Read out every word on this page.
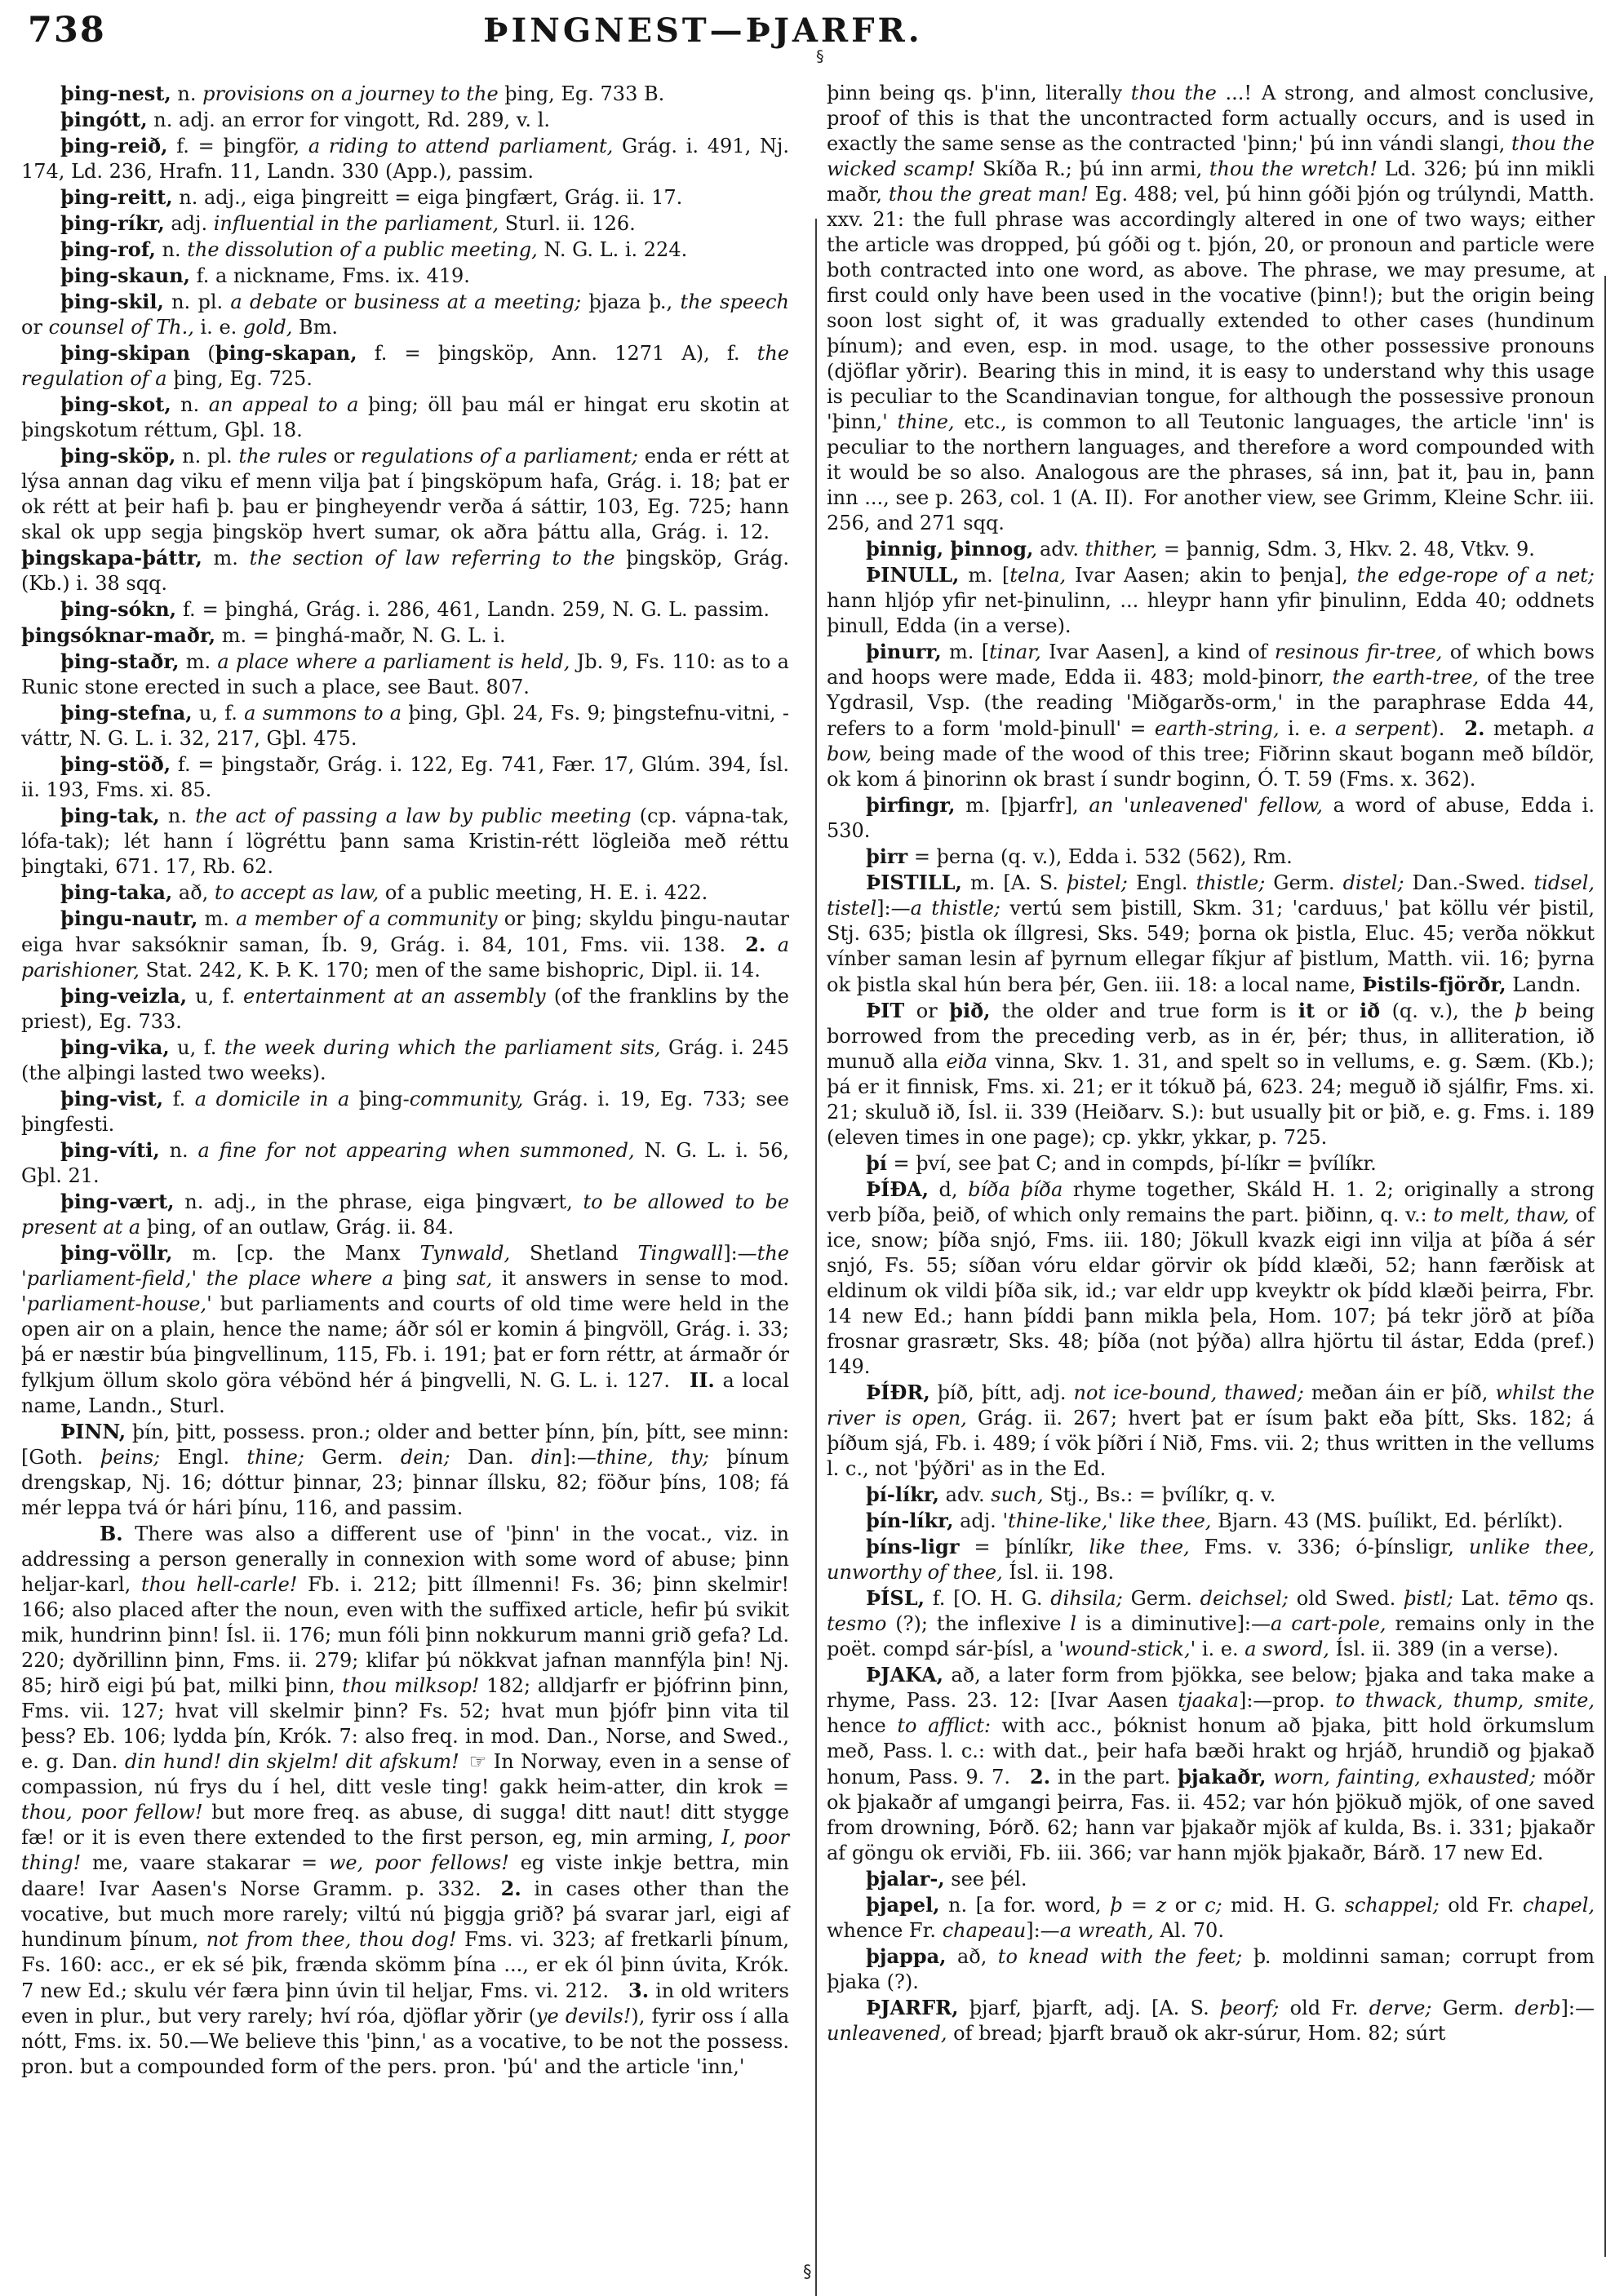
738	ÞINGNEST—ÞJARFR.
§

þing-nest, n. provisions on a journey to the þing, Eg. 733 B.

þingótt, n. adj. an error for vingott, Rd. 289, v. l.

þing-reið, f. = þingför, a riding to attend parliament, Grág. i. 491, Nj. 174, Ld. 236, Hrafn. 11, Landn. 330 (App.), passim.

þing-reitt, n. adj., eiga þingreitt = eiga þingfært, Grág. ii. 17.

þing-ríkr, adj. influential in the parliament, Sturl. ii. 126.

þing-rof, n. the dissolution of a public meeting, N. G. L. i. 224.

þing-skaun, f. a nickname, Fms. ix. 419.

þing-skil, n. pl. a debate or business at a meeting; þjaza þ., the speech or counsel of Th., i. e. gold, Bm.

þing-skipan (þing-skapan, f. = þingsköp, Ann. 1271 A), f. the regulation of a þing, Eg. 725.

þing-skot, n. an appeal to a þing; öll þau mál er hingat eru skotin at þingskotum réttum, Gþl. 18.

þing-sköp, n. pl. the rules or regulations of a parliament; enda er rétt at lýsa annan dag viku ef menn vilja þat í þingsköpum hafa, Grág. i. 18; þat er ok rétt at þeir hafi þ. þau er þingheyendr verða á sáttir, 103, Eg. 725; hann skal ok upp segja þingsköp hvert sumar, ok aðra þáttu alla, Grág. i. 12.  þingskapa-þáttr, m. the section of law referring to the þingsköp, Grág. (Kb.) i. 38 sqq.

þing-sókn, f. = þinghá, Grág. i. 286, 461, Landn. 259, N. G. L. passim.  þingsóknar-maðr, m. = þinghá-maðr, N. G. L. i.

þing-staðr, m. a place where a parliament is held, Jb. 9, Fs. 110: as to a Runic stone erected in such a place, see Baut. 807.

þing-stefna, u, f. a summons to a þing, Gþl. 24, Fs. 9; þingstefnu-vitni, -váttr, N. G. L. i. 32, 217, Gþl. 475.

þing-stöð, f. = þingstaðr, Grág. i. 122, Eg. 741, Fær. 17, Glúm. 394, Ísl. ii. 193, Fms. xi. 85.

þing-tak, n. the act of passing a law by public meeting (cp. vápna-tak, lófa-tak); lét hann í lögréttu þann sama Kristin-rétt lögleiða með réttu þingtaki, 671. 17, Rb. 62.

þing-taka, að, to accept as law, of a public meeting, H. E. i. 422.

þingu-nautr, m. a member of a community or þing; skyldu þingu-nautar eiga hvar saksóknir saman, Íb. 9, Grág. i. 84, 101, Fms. vii. 138.  2. a parishioner, Stat. 242, K. Þ. K. 170; men of the same bishopric, Dipl. ii. 14.

þing-veizla, u, f. entertainment at an assembly (of the franklins by the priest), Eg. 733.

þing-vika, u, f. the week during which the parliament sits, Grág. i. 245 (the alþingi lasted two weeks).

þing-vist, f. a domicile in a þing-community, Grág. i. 19, Eg. 733; see þingfesti.

þing-víti, n. a fine for not appearing when summoned, N. G. L. i. 56, Gþl. 21.

þing-vært, n. adj., in the phrase, eiga þingvært, to be allowed to be present at a þing, of an outlaw, Grág. ii. 84.

þing-völlr, m. [cp. the Manx Tynwald, Shetland Tingwall]:—the 'parliament-field,' the place where a þing sat, it answers in sense to mod. 'parliament-house,' but parliaments and courts of old time were held in the open air on a plain, hence the name; áðr sól er komin á þingvöll, Grág. i. 33; þá er næstir búa þingvellinum, 115, Fb. i. 191; þat er forn réttr, at ármaðr ór fylkjum öllum skolo göra vébönd hér á þingvelli, N. G. L. i. 127.  II. a local name, Landn., Sturl.

ÞINN, þín, þitt, possess. pron.; older and better þínn, þín, þítt, see minn: [Goth. þeins; Engl. thine; Germ. dein; Dan. din]:—thine, thy; þínum drengskap, Nj. 16; dóttur þinnar, 23; þinnar íllsku, 82; föður þíns, 108; fá mér leppa tvá ór hári þínu, 116, and passim.

B. There was also a different use of 'þinn' in the vocat., viz. in addressing a person generally in connexion with some word of abuse; þinn heljar-karl, thou hell-carle! Fb. i. 212; þitt íllmenni! Fs. 36; þinn skelmir! 166; also placed after the noun, even with the suffixed article, hefir þú svikit mik, hundrinn þinn! Ísl. ii. 176; mun fóli þinn nokkurum manni grið gefa? Ld. 220; dyðrillinn þinn, Fms. ii. 279; klifar þú nökkvat jafnan mannfýla þin! Nj. 85; hirð eigi þú þat, milki þinn, thou milksop! 182; alldjarfr er þjófrinn þinn, Fms. vii. 127; hvat vill skelmir þinn? Fs. 52; hvat mun þjófr þinn vita til þess? Eb. 106; lydda þín, Krók. 7: also freq. in mod. Dan., Norse, and Swed., e. g. Dan. din hund! din skjelm! dit afskum!  ☞ In Norway, even in a sense of compassion, nú frys du í hel, ditt vesle ting! gakk heim-atter, din krok = thou, poor fellow! but more freq. as abuse, di sugga! ditt naut! ditt stygge fæ! or it is even there extended to the first person, eg, min arming, I, poor thing! me, vaare stakarar = we, poor fellows! eg viste inkje bettra, min daare! Ivar Aasen's Norse Gramm. p. 332.  2. in cases other than the vocative, but much more rarely; viltú nú þiggja grið? þá svarar jarl, eigi af hundinum þínum, not from thee, thou dog! Fms. vi. 323; af fretkarli þínum, Fs. 160: acc., er ek sé þik, frænda skömm þína ..., er ek ól þinn úvita, Krók. 7 new Ed.; skulu vér færa þinn úvin til heljar, Fms. vi. 212.  3. in old writers even in plur., but very rarely; hví róa, djöflar yðrir (ye devils!), fyrir oss í alla nótt, Fms. ix. 50.—We believe this 'þinn,' as a vocative, to be not the possess. pron. but a compounded form of the pers. pron. 'þú' and the article 'inn,'

þinn being qs. þ'inn, literally thou the ...! A strong, and almost conclusive, proof of this is that the uncontracted form actually occurs, and is used in exactly the same sense as the contracted 'þinn;' þú inn vándi slangi, thou the wicked scamp! Skíða R.; þú inn armi, thou the wretch! Ld. 326; þú inn mikli maðr, thou the great man! Eg. 488; vel, þú hinn góði þjón og trúlyndi, Matth. xxv. 21: the full phrase was accordingly altered in one of two ways; either the article was dropped, þú góði og t. þjón, 20, or pronoun and particle were both contracted into one word, as above. The phrase, we may presume, at first could only have been used in the vocative (þinn!); but the origin being soon lost sight of, it was gradually extended to other cases (hundinum þínum); and even, esp. in mod. usage, to the other possessive pronouns (djöflar yðrir). Bearing this in mind, it is easy to understand why this usage is peculiar to the Scandinavian tongue, for although the possessive pronoun 'þinn,' thine, etc., is common to all Teutonic languages, the article 'inn' is peculiar to the northern languages, and therefore a word compounded with it would be so also. Analogous are the phrases, sá inn, þat it, þau in, þann inn ..., see p. 263, col. 1 (A. II). For another view, see Grimm, Kleine Schr. iii. 256, and 271 sqq.

þinnig, þinnog, adv. thither, = þannig, Sdm. 3, Hkv. 2. 48, Vtkv. 9.

ÞINULL, m. [telna, Ivar Aasen; akin to þenja], the edge-rope of a net; hann hljóp yfir net-þinulinn, ... hleypr hann yfir þinulinn, Edda 40; oddnets þinull, Edda (in a verse).

þinurr, m. [tinar, Ivar Aasen], a kind of resinous fir-tree, of which bows and hoops were made, Edda ii. 483; mold-þinorr, the earth-tree, of the tree Ygdrasil, Vsp. (the reading 'Miðgarðs-orm,' in the paraphrase Edda 44, refers to a form 'mold-þinull' = earth-string, i. e. a serpent).  2. metaph. a bow, being made of the wood of this tree; Fiðrinn skaut bogann með bíldör, ok kom á þinorinn ok brast í sundr boginn, Ó. T. 59 (Fms. x. 362).

þirfingr, m. [þjarfr], an 'unleavened' fellow, a word of abuse, Edda i. 530.

þirr = þerna (q. v.), Edda i. 532 (562), Rm.

ÞISTILL, m. [A. S. þistel; Engl. thistle; Germ. distel; Dan.-Swed. tidsel, tistel]:—a thistle; vertú sem þistill, Skm. 31; 'carduus,' þat köllu vér þistil, Stj. 635; þistla ok íllgresi, Sks. 549; þorna ok þistla, Eluc. 45; verða nökkut vínber saman lesin af þyrnum ellegar fíkjur af þistlum, Matth. vii. 16; þyrna ok þistla skal hún bera þér, Gen. iii. 18: a local name, Þistils-fjörðr, Landn.

ÞIT or þið, the older and true form is it or ið (q. v.), the þ being borrowed from the preceding verb, as in ér, þér; thus, in alliteration, ið munuð alla eiða vinna, Skv. 1. 31, and spelt so in vellums, e. g. Sæm. (Kb.); þá er it finnisk, Fms. xi. 21; er it tókuð þá, 623. 24; meguð ið sjálfir, Fms. xi. 21; skuluð ið, Ísl. ii. 339 (Heiðarv. S.): but usually þit or þið, e. g. Fms. i. 189 (eleven times in one page); cp. ykkr, ykkar, p. 725.

þí = því, see þat C; and in compds, þí-líkr = þvílíkr.

ÞÍÐA, d, bíða þíða rhyme together, Skáld H. 1. 2; originally a strong verb þíða, þeið, of which only remains the part. þiðinn, q. v.: to melt, thaw, of ice, snow; þíða snjó, Fms. iii. 180; Jökull kvazk eigi inn vilja at þíða á sér snjó, Fs. 55; síðan vóru eldar görvir ok þídd klæði, 52; hann færðisk at eldinum ok vildi þíða sik, id.; var eldr upp kveyktr ok þídd klæði þeirra, Fbr. 14 new Ed.; hann þíddi þann mikla þela, Hom. 107; þá tekr jörð at þíða frosnar grasrætr, Sks. 48; þíða (not þýða) allra hjörtu til ástar, Edda (pref.) 149.

ÞÍÐR, þíð, þítt, adj. not ice-bound, thawed; meðan áin er þíð, whilst the river is open, Grág. ii. 267; hvert þat er ísum þakt eða þítt, Sks. 182; á þíðum sjá, Fb. i. 489; í vök þíðri í Nið, Fms. vii. 2; thus written in the vellums l. c., not 'þýðri' as in the Ed.

þí-líkr, adv. such, Stj., Bs.: = þvílíkr, q. v.

þín-líkr, adj. 'thine-like,' like thee, Bjarn. 43 (MS. þuílikt, Ed. þérlíkt).

þíns-ligr = þínlíkr, like thee, Fms. v. 336; ó-þínsligr, unlike thee, unworthy of thee, Ísl. ii. 198.

ÞÍSL, f. [O. H. G. dihsila; Germ. deichsel; old Swed. þistl; Lat. tēmo qs. tesmo (?); the inflexive l is a diminutive]:—a cart-pole, remains only in the poët. compd sár-þísl, a 'wound-stick,' i. e. a sword, Ísl. ii. 389 (in a verse).

ÞJAKA, að, a later form from þjökka, see below; þjaka and taka make a rhyme, Pass. 23. 12: [Ivar Aasen tjaaka]:—prop. to thwack, thump, smite, hence to afflict: with acc., þóknist honum að þjaka, þitt hold örkumslum með, Pass. l. c.: with dat., þeir hafa bæði hrakt og hrjáð, hrundið og þjakað honum, Pass. 9. 7.  2. in the part. þjakaðr, worn, fainting, exhausted; móðr ok þjakaðr af umgangi þeirra, Fas. ii. 452; var hón þjökuð mjök, of one saved from drowning, Þórð. 62; hann var þjakaðr mjök af kulda, Bs. i. 331; þjakaðr af göngu ok erviði, Fb. iii. 366; var hann mjök þjakaðr, Bárð. 17 new Ed.

þjalar-, see þél.

þjapel, n. [a for. word, þ = z or c; mid. H. G. schappel; old Fr. chapel, whence Fr. chapeau]:—a wreath, Al. 70.

þjappa, að, to knead with the feet; þ. moldinni saman; corrupt from þjaka (?).

ÞJARFR, þjarf, þjarft, adj. [A. S. þeorf; old Fr. derve; Germ. derb]:—unleavened, of bread; þjarft brauð ok akr-súrur, Hom. 82; súrt

§
